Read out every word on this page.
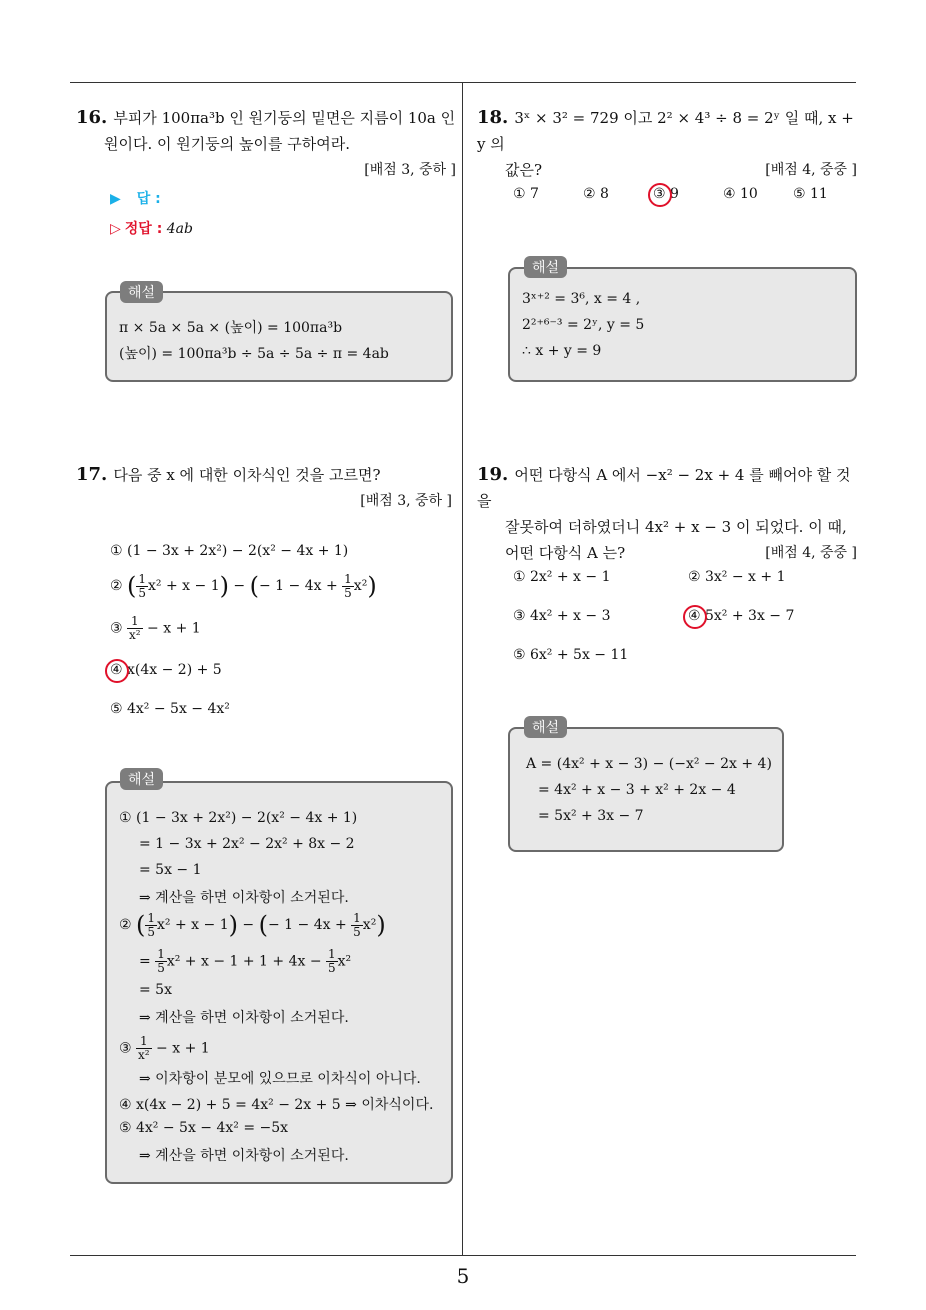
5
16. 부피가 100πa³b 인 원기둥의 밑면은 지름이 10a 인
원이다. 이 원기둥의 높이를 구하여라.
[배점 3, 중하 ]
▶ 답 :
▷ 정답 : 4ab
π × 5a × 5a × (높이) = 100πa³b
(높이) = 100πa³b ÷ 5a ÷ 5a ÷ π = 4ab
해설
17. 다음 중 x 에 대한 이차식인 것을 고르면?
[배점 3, 중하 ]
① (1 − 3x + 2x²) − 2(x² − 4x + 1)
② ( $\frac{1}{5} x^2 + x - 1$) − (− $1 - 4x + \frac{1}{5} x^2$)
③ $\frac{1}{\text{x²}} - x + 1$
④ x(4x − 2) + 5
⑤ 4x² − 5x − 4x²
① (1 − 3x + 2x²) − 2(x² − 4x + 1)
= 1 − 3x + 2x² − 2x² + 8x − 2
= 5x − 1
⇒ 계산을 하면 이차항이 소거된다.
② ( $\frac{1}{5} x^2 + x - 1$) − (− $1 - 4x + \frac{1}{5} x^2$)
= $\frac{1}{5} x^2 + x - 1 + 1 + 4x - \frac{1}{5} x^2$
= 5x
⇒ 계산을 하면 이차항이 소거된다.
③ $\frac{1}{\text{x²}} - x + 1$
⇒ 이차항이 분모에 있으므로 이차식이 아니다.
④ x(4x − 2) + 5 = 4x² − 2x + 5 ⇒ 이차식이다.
⑤ 4x² − 5x − 4x² = −5x
⇒ 계산을 하면 이차항이 소거된다.
해설
18. 3ˣ × 3² = 729 이고 2² × 4³ ÷ 8 = 2ʸ 일 때, x + y 의
값은?	[배점 4, 중중 ]
① 7	② 8	③ 9	④ 10	⑤ 11
3ˣ⁺² = 3⁶, x = 4 ,
2²⁺⁶⁻³ = 2ʸ, y = 5
∴ x + y = 9
해설
19. 어떤 다항식 A 에서 −x² − 2x + 4 를 빼어야 할 것을
잘못하여 더하였더니 4x² + x − 3 이 되었다. 이 때,
어떤 다항식 A 는?	[배점 4, 중중 ]
① 2x² + x − 1	② 3x² − x + 1
③ 4x² + x − 3	④ 5x² + 3x − 7
⑤ 6x² + 5x − 11
A = (4x² + x − 3) − (−x² − 2x + 4)
= 4x² + x − 3 + x² + 2x − 4
= 5x² + 3x − 7
해설
